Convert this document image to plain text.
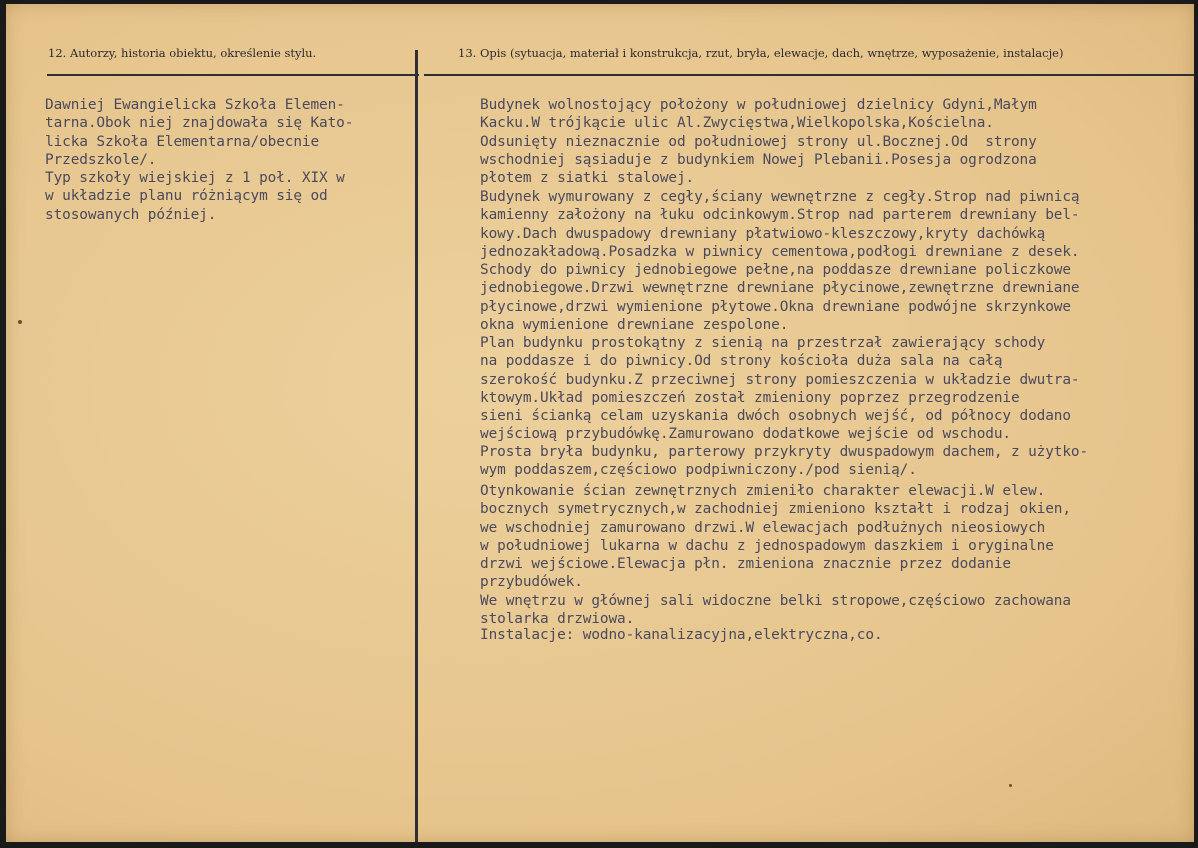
12. Autorzy, historia obiektu, określenie stylu.	13. Opis (sytuacja, materiał i konstrukcja, rzut, bryła, elewacje, dach, wnętrze, wyposażenie, instalacje)
Dawniej Ewangielicka Szkoła Elemen-
tarna.Obok niej znajdowała się Kato-
licka Szkoła Elementarna/obecnie
Przedszkole/.
Typ szkoły wiejskiej z 1 poł. XIX w
w układzie planu różniącym się od
stosowanych później.
Budynek wolnostojący położony w południowej dzielnicy Gdyni,Małym
Kacku.W trójkącie ulic Al.Zwycięstwa,Wielkopolska,Kościelna.
Odsunięty nieznacznie od południowej strony ul.Bocznej.Od  strony
wschodniej sąsiaduje z budynkiem Nowej Plebanii.Posesja ogrodzona
płotem z siatki stalowej.
Budynek wymurowany z cegły,ściany wewnętrzne z cegły.Strop nad piwnicą
kamienny założony na łuku odcinkowym.Strop nad parterem drewniany bel-
kowy.Dach dwuspadowy drewniany płatwiowo-kleszczowy,kryty dachówką
jednozakładową.Posadzka w piwnicy cementowa,podłogi drewniane z desek.
Schody do piwnicy jednobiegowe pełne,na poddasze drewniane policzkowe
jednobiegowe.Drzwi wewnętrzne drewniane płycinowe,zewnętrzne drewniane
płycinowe,drzwi wymienione płytowe.Okna drewniane podwójne skrzynkowe
okna wymienione drewniane zespolone.
Plan budynku prostokątny z sienią na przestrzał zawierający schody
na poddasze i do piwnicy.Od strony kościoła duża sala na całą
szerokość budynku.Z przeciwnej strony pomieszczenia w układzie dwutra-
ktowym.Układ pomieszczeń został zmieniony poprzez przegrodzenie
sieni ścianką celam uzyskania dwóch osobnych wejść, od północy dodano
wejściową przybudówkę.Zamurowano dodatkowe wejście od wschodu.
Prosta bryła budynku, parterowy przykryty dwuspadowym dachem, z użytko-
wym poddaszem,częściowo podpiwniczony./pod sienią/.
Otynkowanie ścian zewnętrznych zmieniło charakter elewacji.W elew.
bocznych symetrycznych,w zachodniej zmieniono kształt i rodzaj okien,
we wschodniej zamurowano drzwi.W elewacjach podłużnych nieosiowych
w południowej lukarna w dachu z jednospadowym daszkiem i oryginalne
drzwi wejściowe.Elewacja płn. zmieniona znacznie przez dodanie
przybudówek.
We wnętrzu w głównej sali widoczne belki stropowe,częściowo zachowana
stolarka drzwiowa.
Instalacje: wodno-kanalizacyjna,elektryczna,co.
